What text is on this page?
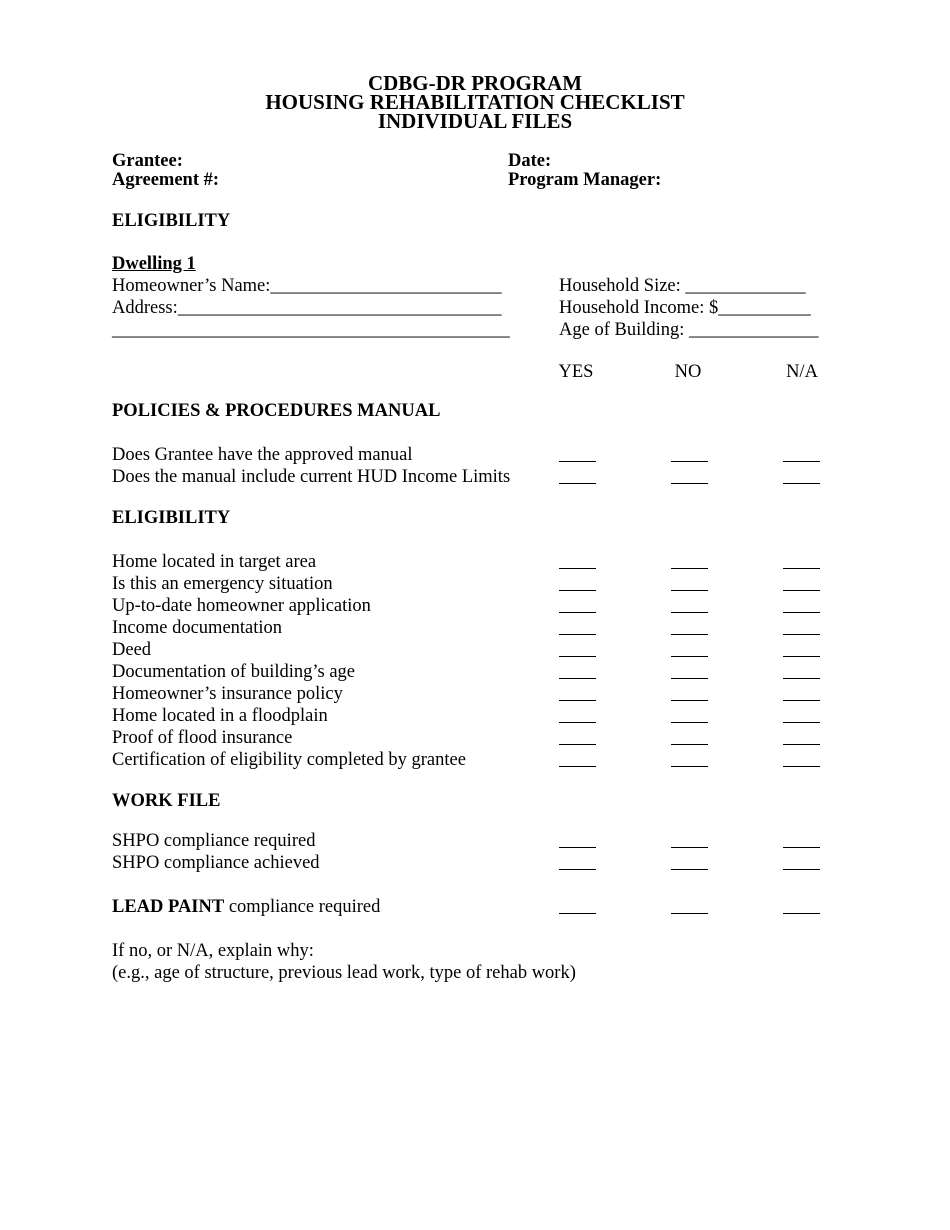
CDBG-DR PROGRAM
HOUSING REHABILITATION CHECKLIST
INDIVIDUAL FILES
Grantee:
Agreement #:
Date:
Program Manager:
ELIGIBILITY
Dwelling 1
Homeowner’s Name:_________________________
Address:___________________________________
___________________________________________
Household Size: _____________
Household Income: $__________
Age of Building: ______________
YES	NO	N/A
POLICIES & PROCEDURES MANUAL
Does Grantee have the approved manual
Does the manual include current HUD Income Limits
ELIGIBILITY
Home located in target area
Is this an emergency situation
Up-to-date homeowner application
Income documentation
Deed
Documentation of building’s age
Homeowner’s insurance policy
Home located in a floodplain
Proof of flood insurance
Certification of eligibility completed by grantee
WORK FILE
SHPO compliance required
SHPO compliance achieved
LEAD PAINT compliance required
If no, or N/A, explain why:
(e.g., age of structure, previous lead work, type of rehab work)
